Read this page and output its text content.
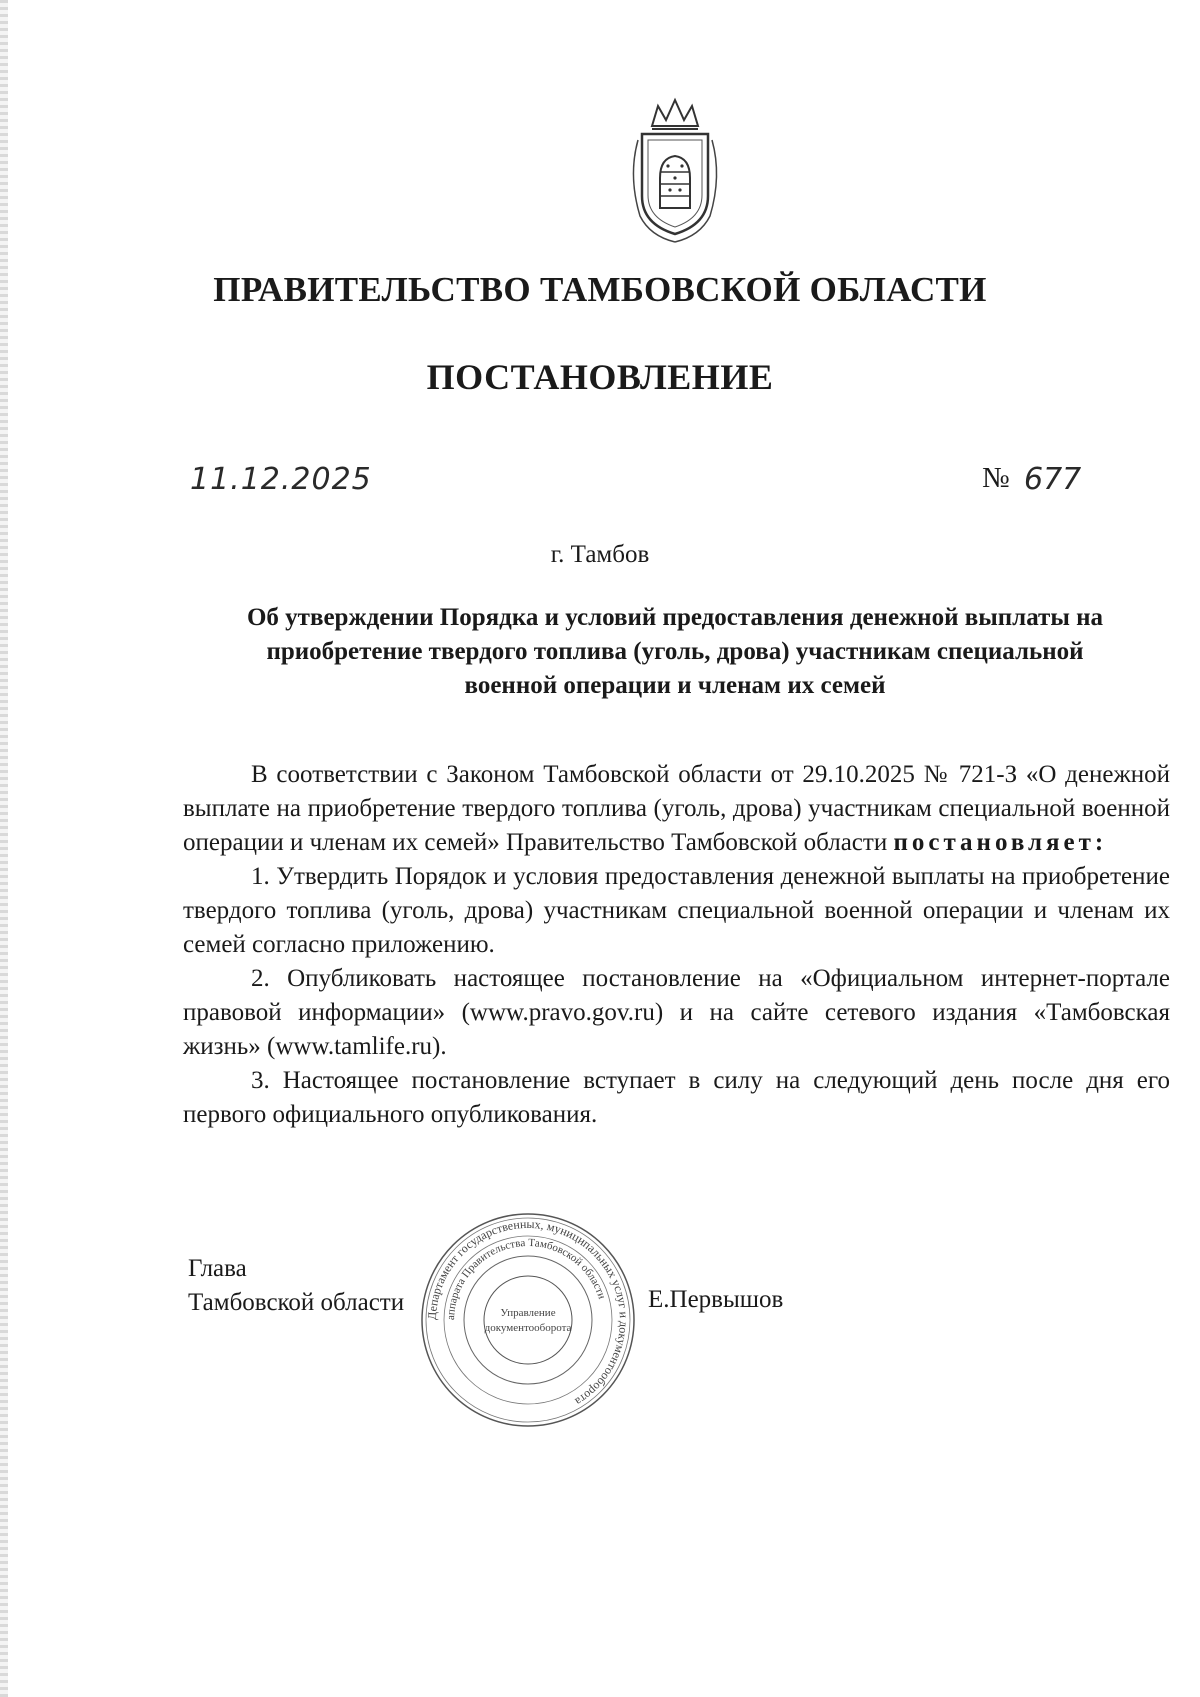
ПРАВИТЕЛЬСТВО ТАМБОВСКОЙ ОБЛАСТИ
ПОСТАНОВЛЕНИЕ
11.12.2025	№ 677
г. Тамбов
Об утверждении Порядка и условий предоставления денежной выплаты на
приобретение твердого топлива (уголь, дрова) участникам специальной
военной операции и членам их семей

В соответствии с Законом Тамбовской области от 29.10.2025 № 721-З «О денежной выплате на приобретение твердого топлива (уголь, дрова) участникам специальной военной операции и членам их семей» Правительство Тамбовской области постановляет:

1. Утвердить Порядок и условия предоставления денежной выплаты на приобретение твердого топлива (уголь, дрова) участникам специальной военной операции и членам их семей согласно приложению.

2. Опубликовать настоящее постановление на «Официальном интернет-портале правовой информации» (www.pravo.gov.ru) и на сайте сетевого издания «Тамбовская жизнь» (www.tamlife.ru).

3. Настоящее постановление вступает в силу на следующий день после дня его первого официального опубликования.

Глава
Тамбовской области	Е.Первышов
Департамент государственных, муниципальных услуг и документооборота
аппарата Правительства Тамбовской области
Управление
документооборота
